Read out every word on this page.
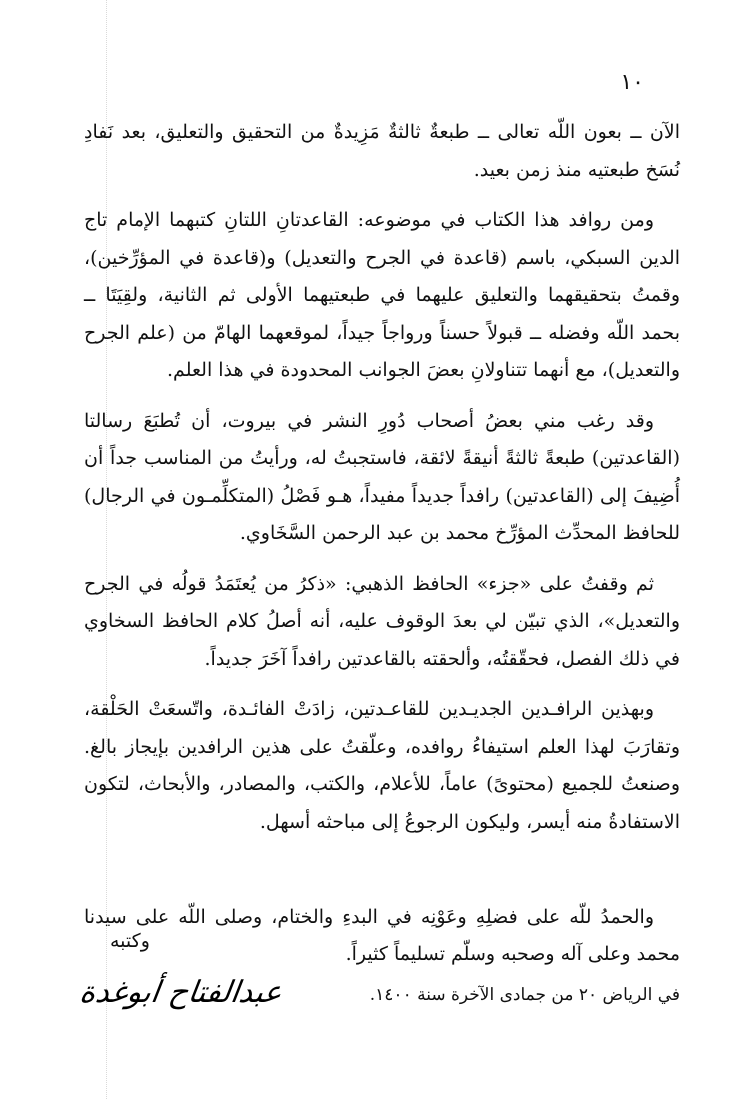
١٠

الآن ــ بعون اللّه تعالى ــ طبعةٌ ثالثةٌ مَزِيدةٌ من التحقيق والتعليق، بعد نَفادِ نُسَخ طبعتيه منذ زمن بعيد.

ومن روافد هذا الكتاب في موضوعه: القاعدتانِ اللتانِ كتبهما الإمام تاج الدين السبكي، باسم (قاعدة في الجرح والتعديل) و(قاعدة في المؤرِّخين)، وقمتُ بتحقيقهما والتعليق عليهما في طبعتيهما الأولى ثم الثانية، ولقِيَتَا ــ بحمد اللّه وفضله ــ قبولاً حسناً ورواجاً جيداً، لموقعهما الهامّ من (علم الجرح والتعديل)، مع أنهما تتناولانِ بعضَ الجوانب المحدودة في هذا العلم.

وقد رغب مني بعضُ أصحاب دُورِ النشر في بيروت، أن تُطبَعَ رسالتا (القاعدتين) طبعةً ثالثةً أنيقةً لائقة، فاستجبتُ له، ورأيتُ من المناسب جداً أن أُضِيفَ إلى (القاعدتين) رافداً جديداً مفيداً، هـو فَصْلُ (المتكلِّمـون في الرجال) للحافظ المحدِّث المؤرِّخ محمد بن عبد الرحمن السَّخَاوي.

ثم وقفتُ على «جزء» الحافظ الذهبي: «ذكرُ من يُعتَمَدُ قولُه في الجرح والتعديل»، الذي تبيّن لي بعدَ الوقوف عليه، أنه أصلُ كلام الحافظ السخاوي في ذلك الفصل، فحقّقتُه، وألحقته بالقاعدتين رافداً آخَرَ جديداً.

وبهذين الرافـدين الجديـدين للقاعـدتين، زادَتْ الفائـدة، واتّسعَتْ الحَلْقة، وتقارَبَ لهذا العلم استيفاءُ روافده، وعلّقتُ على هذين الرافدين بإيجاز بالغ. وصنعتُ للجميع (محتوىً) عاماً، للأعلام، والكتب، والمصادر، والأبحاث، لتكون الاستفادةُ منه أيسر، وليكون الرجوعُ إلى مباحثه أسهل.

والحمدُ للّه على فضلِهِ وعَوْنِه في البدءِ والختام، وصلى اللّه على سيدنا محمد وعلى آله وصحبه وسلّم تسليماً كثيراً.

وكتبه
في الرياض ٢٠ من جمادى الآخرة سنة ١٤٠٠.
عبدالفتاح أبوغدة
